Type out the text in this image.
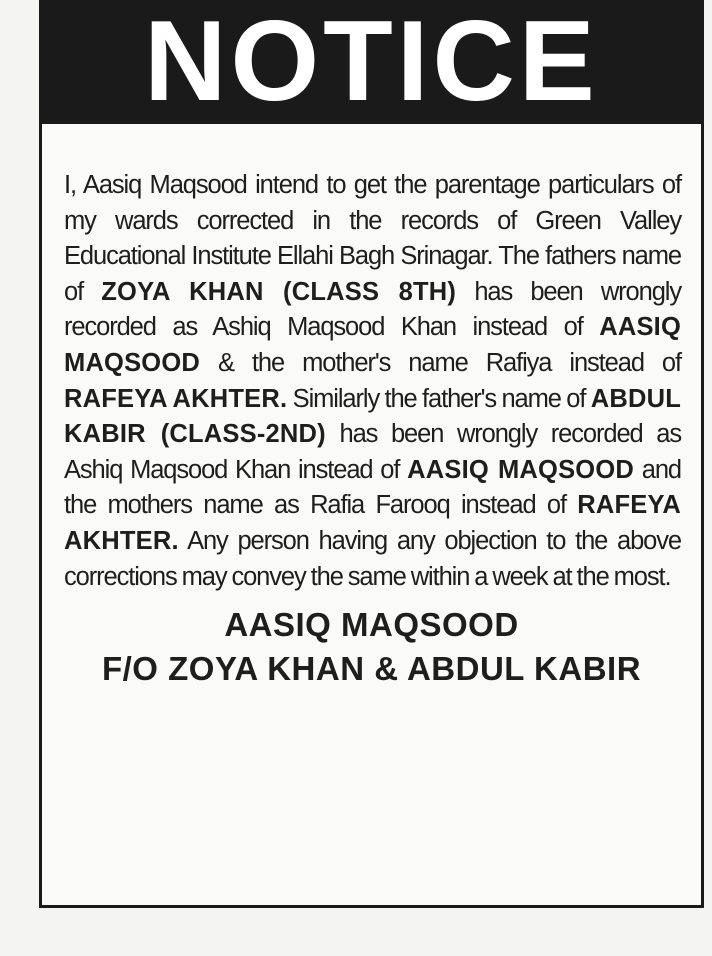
NOTICE
I, Aasiq Maqsood intend to get the parentage particulars of my wards corrected in the records of Green Valley Educational Institute Ellahi Bagh Srinagar. The fathers name of ZOYA KHAN (CLASS 8TH) has been wrongly recorded as Ashiq Maqsood Khan instead of AASIQ MAQSOOD & the mother's name Rafiya instead of RAFEYA AKHTER. Similarly the father's name of ABDUL KABIR (CLASS-2ND) has been wrongly recorded as Ashiq Maqsood Khan instead of AASIQ MAQSOOD and the mothers name as Rafia Farooq instead of RAFEYA AKHTER. Any person having any objection to the above corrections may convey the same within a week at the most.
AASIQ MAQSOOD
F/O ZOYA KHAN & ABDUL KABIR
